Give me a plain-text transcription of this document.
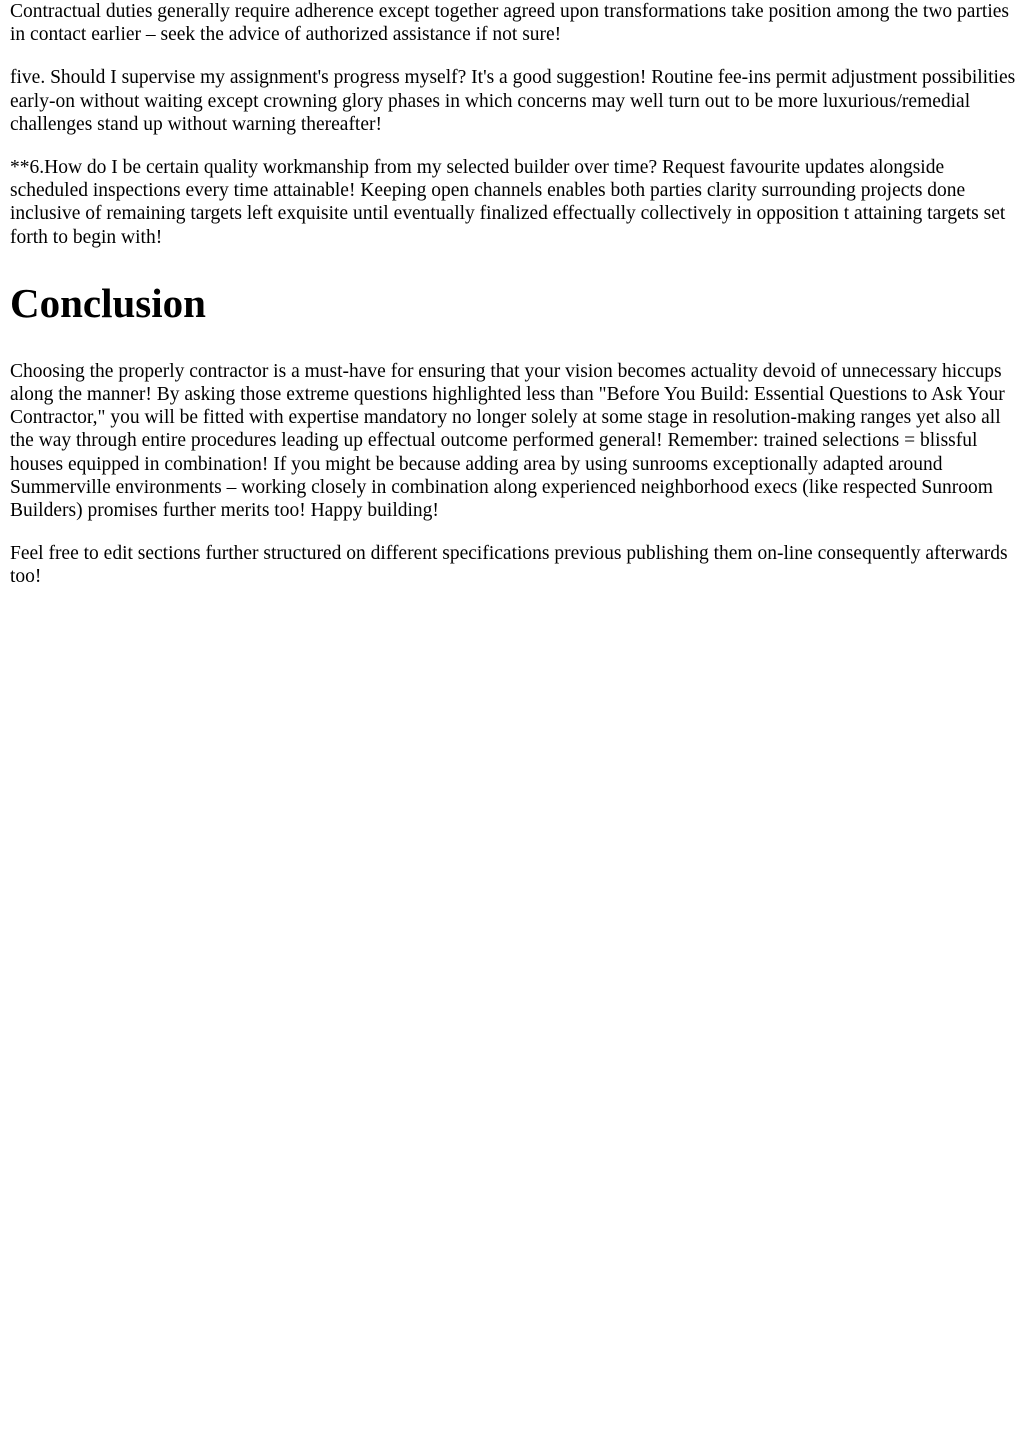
Contractual duties generally require adherence except together agreed upon transformations take position among the two parties in contact earlier – seek the advice of authorized assistance if not sure!

five. Should I supervise my assignment's progress myself? It's a good suggestion! Routine fee-ins permit adjustment possibilities early-on without waiting except crowning glory phases in which concerns may well turn out to be more luxurious/remedial challenges stand up without warning thereafter!

**6.How do I be certain quality workmanship from my selected builder over time? Request favourite updates alongside scheduled inspections every time attainable! Keeping open channels enables both parties clarity surrounding projects done inclusive of remaining targets left exquisite until eventually finalized effectually collectively in opposition t attaining targets set forth to begin with!

Conclusion

Choosing the properly contractor is a must-have for ensuring that your vision becomes actuality devoid of unnecessary hiccups along the manner! By asking those extreme questions highlighted less than "Before You Build: Essential Questions to Ask Your Contractor," you will be fitted with expertise mandatory no longer solely at some stage in resolution-making ranges yet also all the way through entire procedures leading up effectual outcome performed general! Remember: trained selections = blissful houses equipped in combination! If you might be because adding area by using sunrooms exceptionally adapted around Summerville environments – working closely in combination along experienced neighborhood execs (like respected Sunroom Builders) promises further merits too! Happy building!

Feel free to edit sections further structured on different specifications previous publishing them on-line consequently afterwards too!
